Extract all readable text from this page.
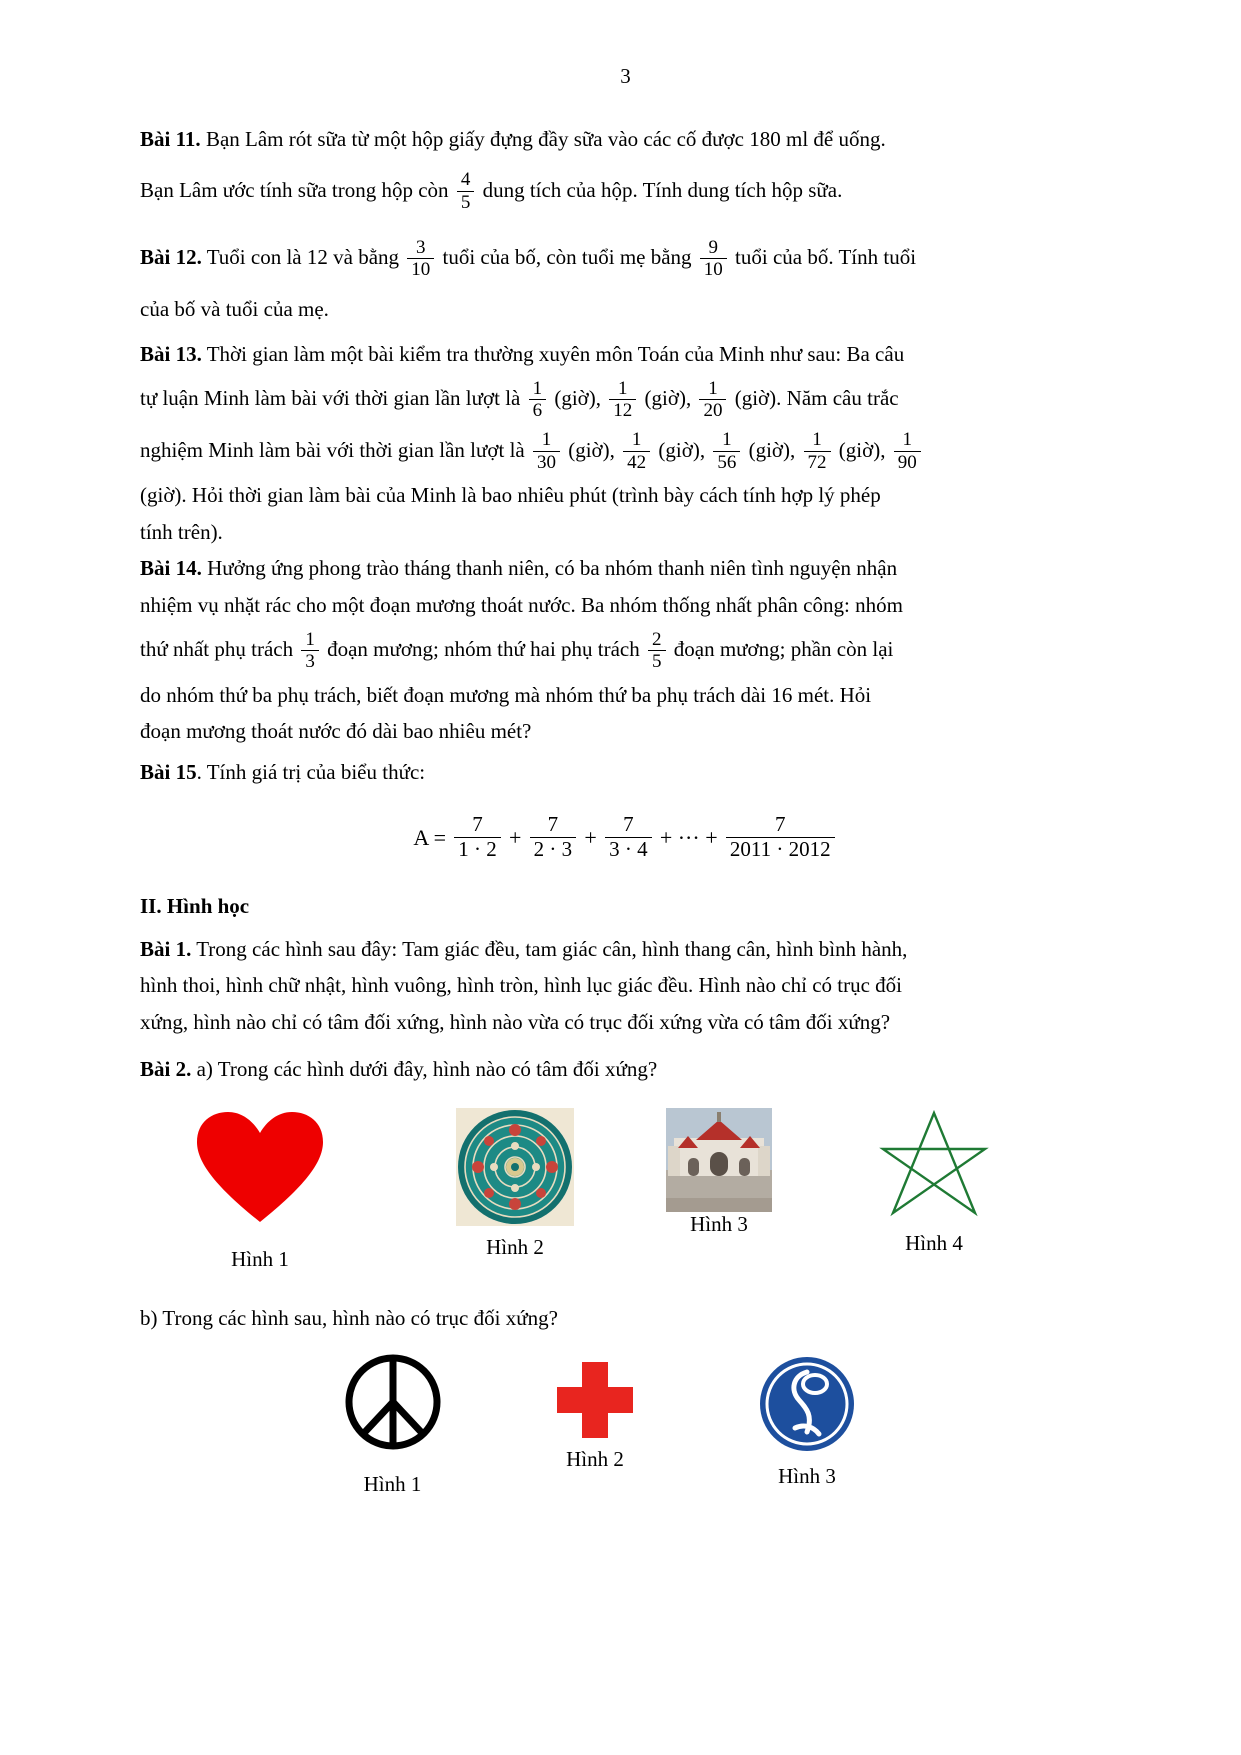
3
Bài 11. Bạn Lâm rót sữa từ một hộp giấy đựng đầy sữa vào các cố được 180 ml để uống.
Bạn Lâm ước tính sữa trong hộp còn $\frac{4}{5}$ dung tích của hộp. Tính dung tích hộp sữa.
Bài 12. Tuổi con là 12 và bằng $\frac{3}{10}$ tuổi của bố, còn tuổi mẹ bằng $\frac{9}{10}$ tuổi của bố. Tính tuổi
của bố và tuổi của mẹ.
Bài 13. Thời gian làm một bài kiểm tra thường xuyên môn Toán của Minh như sau: Ba câu
tự luận Minh làm bài với thời gian lần lượt là $\frac{1}{6}$ (giờ), $\frac{1}{12}$ (giờ), $\frac{1}{20}$ (giờ). Năm câu trắc
nghiệm Minh làm bài với thời gian lần lượt là $\frac{1}{30}$ (giờ), $\frac{1}{42}$ (giờ), $\frac{1}{56}$ (giờ), $\frac{1}{72}$ (giờ), $\frac{1}{90}$
(giờ). Hỏi thời gian làm bài của Minh là bao nhiêu phút (trình bày cách tính hợp lý phép
tính trên).
Bài 14. Hưởng ứng phong trào tháng thanh niên, có ba nhóm thanh niên tình nguyện nhận
nhiệm vụ nhặt rác cho một đoạn mương thoát nước. Ba nhóm thống nhất phân công: nhóm
thứ nhất phụ trách $\frac{1}{3}$ đoạn mương; nhóm thứ hai phụ trách $\frac{2}{5}$ đoạn mương; phần còn lại
do nhóm thứ ba phụ trách, biết đoạn mương mà nhóm thứ ba phụ trách dài 16 mét. Hỏi
đoạn mương thoát nước đó dài bao nhiêu mét?
Bài 15. Tính giá trị của biểu thức:
$A = \frac{7}{1 \cdot 2} + \frac{7}{2 \cdot 3} + \frac{7}{3 \cdot 4}$ + ··· + $\frac{7}{2011 \cdot 2012}$
II. Hình học
Bài 1. Trong các hình sau đây: Tam giác đều, tam giác cân, hình thang cân, hình bình hành,
hình thoi, hình chữ nhật, hình vuông, hình tròn, hình lục giác đều. Hình nào chỉ có trục đối
xứng, hình nào chỉ có tâm đối xứng, hình nào vừa có trục đối xứng vừa có tâm đối xứng?
Bài 2. a) Trong các hình dưới đây, hình nào có tâm đối xứng?
Hình 1	Hình 2
Hình 3
Hình 4
b) Trong các hình sau, hình nào có trục đối xứng?
Hình 1
Hình 2
Hình 3
